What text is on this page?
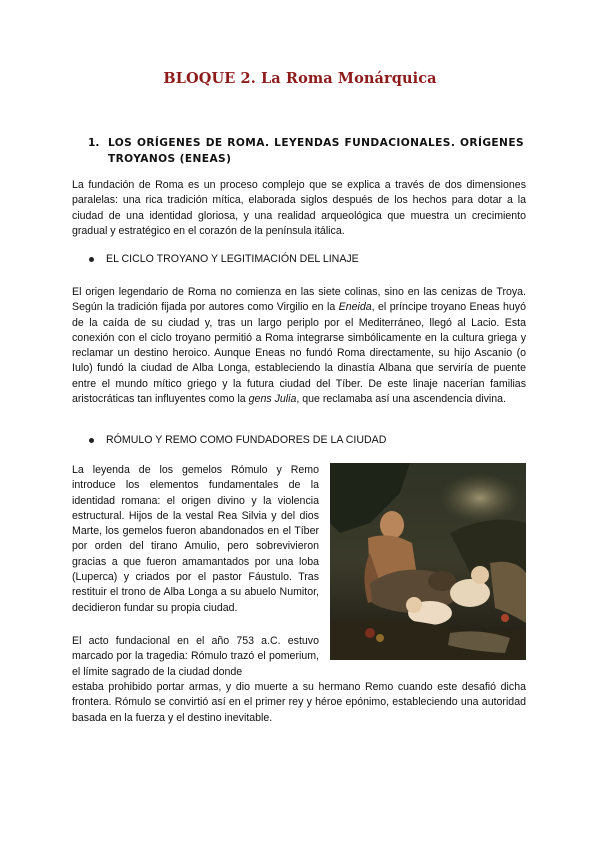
BLOQUE 2. La Roma Monárquica
1. LOS ORÍGENES DE ROMA. LEYENDAS FUNDACIONALES. ORÍGENES TROYANOS (ENEAS)

La fundación de Roma es un proceso complejo que se explica a través de dos dimensiones paralelas: una rica tradición mítica, elaborada siglos después de los hechos para dotar a la ciudad de una identidad gloriosa, y una realidad arqueológica que muestra un crecimiento gradual y estratégico en el corazón de la península itálica.

EL CICLO TROYANO Y LEGITIMACIÓN DEL LINAJE

El origen legendario de Roma no comienza en las siete colinas, sino en las cenizas de Troya. Según la tradición fijada por autores como Virgilio en la Eneida, el príncipe troyano Eneas huyó de la caída de su ciudad y, tras un largo periplo por el Mediterráneo, llegó al Lacio. Esta conexión con el ciclo troyano permitió a Roma integrarse simbólicamente en la cultura griega y reclamar un destino heroico. Aunque Eneas no fundó Roma directamente, su hijo Ascanio (o Iulo) fundó la ciudad de Alba Longa, estableciendo la dinastía Albana que serviría de puente entre el mundo mítico griego y la futura ciudad del Tíber. De este linaje nacerían familias aristocráticas tan influyentes como la gens Julia, que reclamaba así una ascendencia divina.

RÓMULO Y REMO COMO FUNDADORES DE LA CIUDAD

La leyenda de los gemelos Rómulo y Remo introduce los elementos fundamentales de la identidad romana: el origen divino y la violencia estructural. Hijos de la vestal Rea Silvia y del dios Marte, los gemelos fueron abandonados en el Tíber por orden del tirano Amulio, pero sobrevivieron gracias a que fueron amamantados por una loba (Luperca) y criados por el pastor Fáustulo. Tras restituir el trono de Alba Longa a su abuelo Numitor, decidieron fundar su propia ciudad.

El acto fundacional en el año 753 a.C. estuvo marcado por la tragedia: Rómulo trazó el pomerium, el límite sagrado de la ciudad donde

estaba prohibido portar armas, y dio muerte a su hermano Remo cuando este desafió dicha frontera. Rómulo se convirtió así en el primer rey y héroe epónimo, estableciendo una autoridad basada en la fuerza y el destino inevitable.
